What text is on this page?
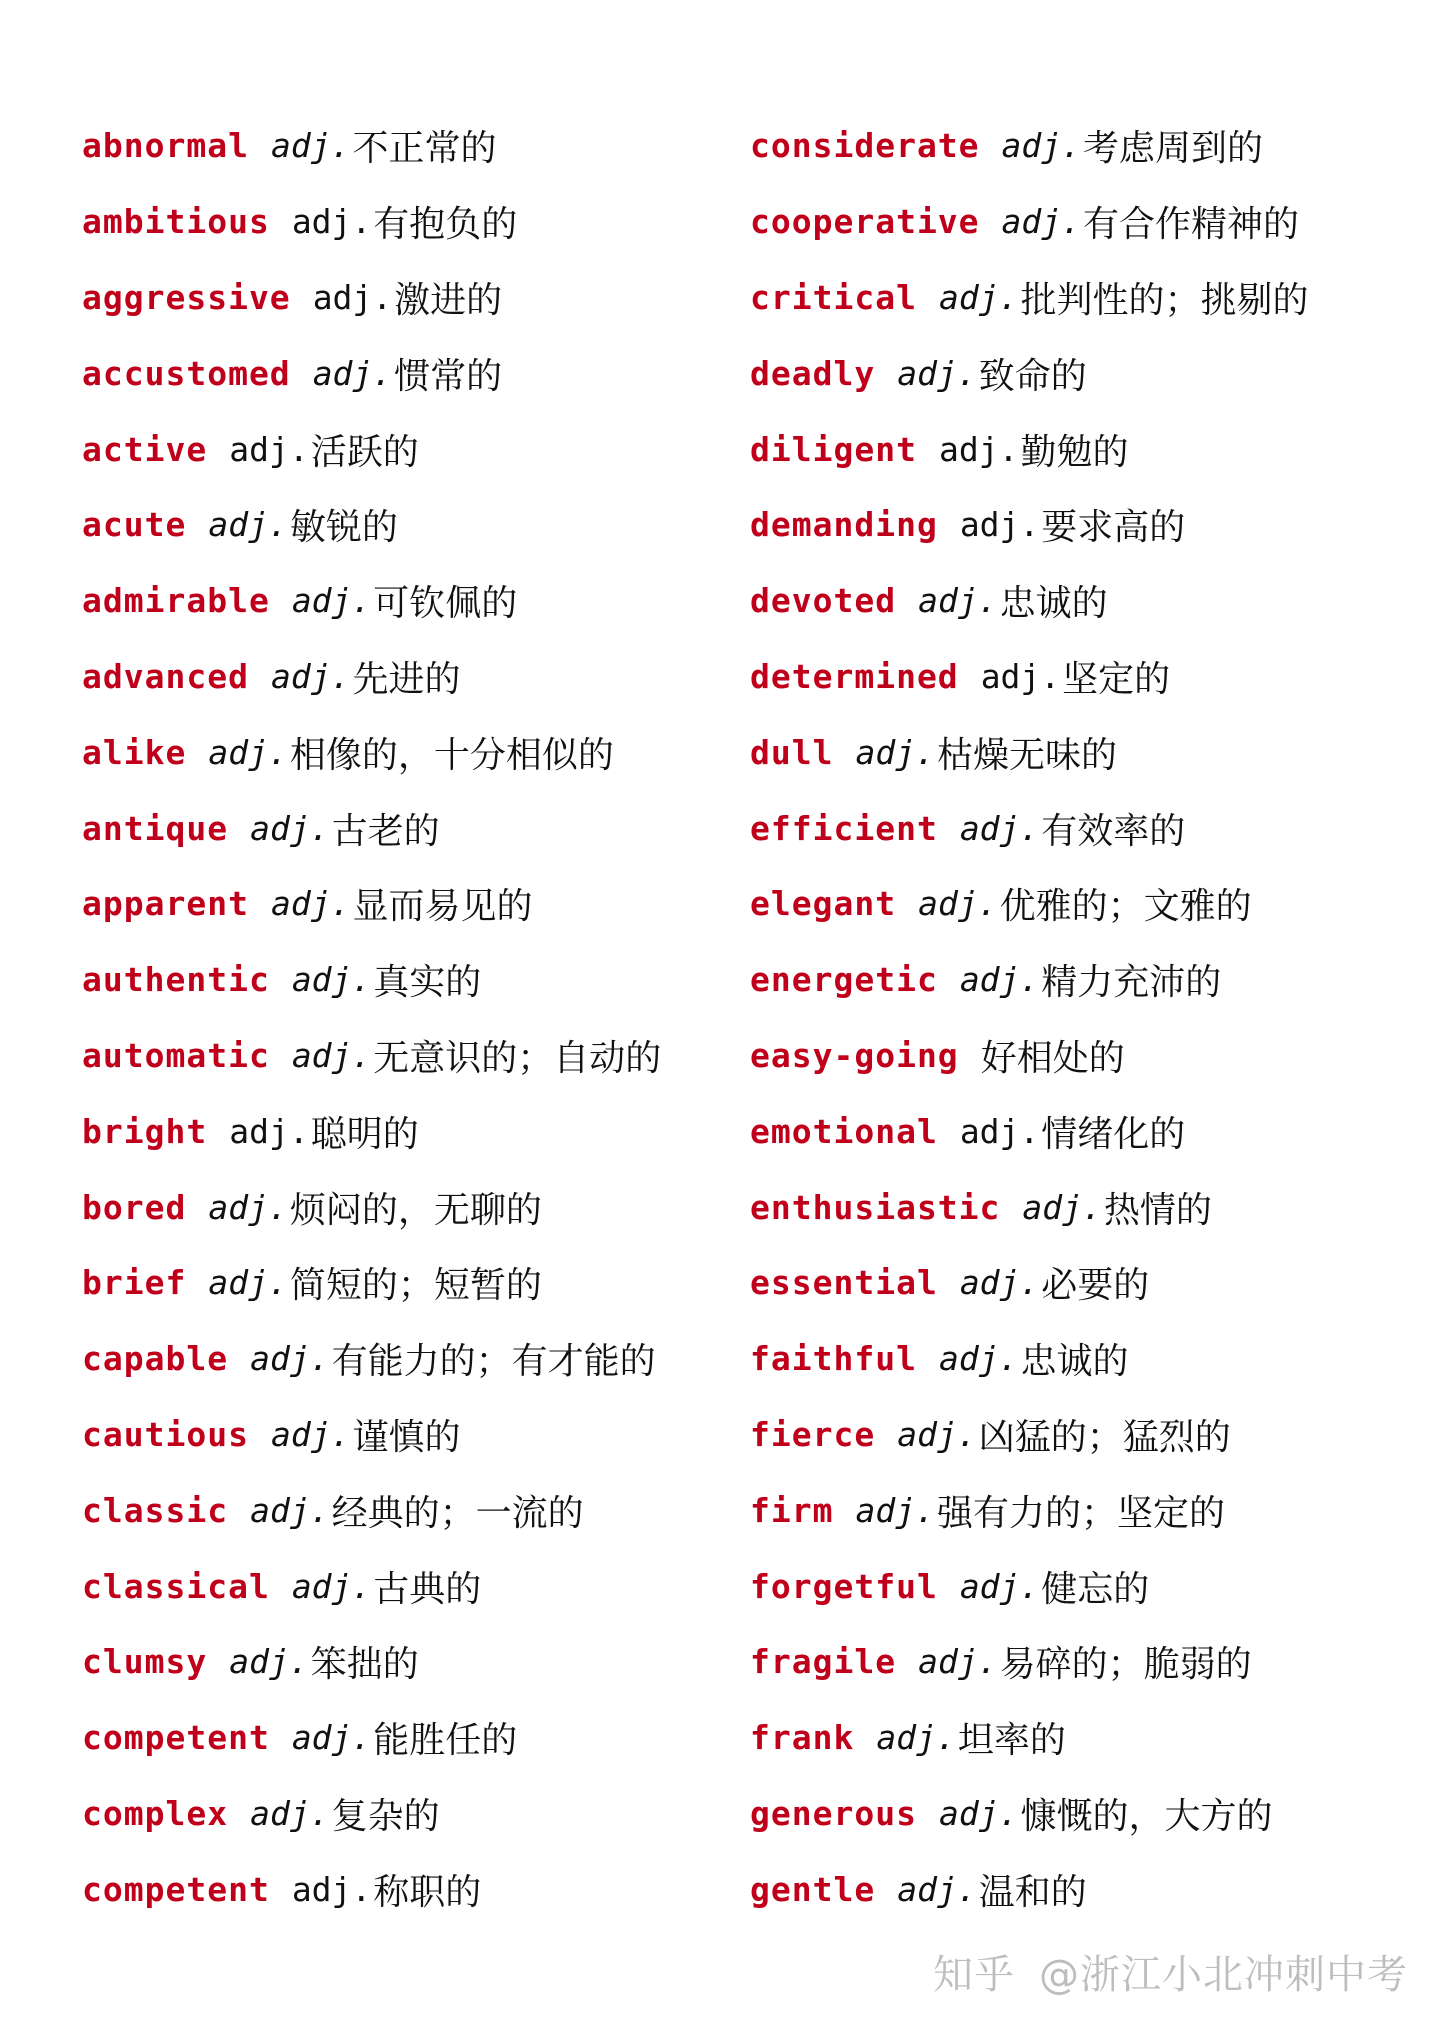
abnormal adj. 不正常的
ambitious adj. 有抱负的
aggressive adj. 激进的
accustomed adj. 惯常的
active adj. 活跃的
acute adj. 敏锐的
admirable adj. 可钦佩的
advanced adj. 先进的
alike adj. 相像的，十分相似的
antique adj. 古老的
apparent adj. 显而易见的
authentic adj. 真实的
automatic adj. 无意识的；自动的
bright adj. 聪明的
bored adj. 烦闷的，无聊的
brief adj. 简短的；短暂的
capable adj. 有能力的；有才能的
cautious adj. 谨慎的
classic adj. 经典的；一流的
classical adj. 古典的
clumsy adj. 笨拙的
competent adj. 能胜任的
complex adj. 复杂的
competent adj. 称职的
considerate adj. 考虑周到的
cooperative adj. 有合作精神的
critical adj. 批判性的；挑剔的
deadly adj. 致命的
diligent adj. 勤勉的
demanding adj. 要求高的
devoted adj. 忠诚的
determined adj. 坚定的
dull adj. 枯燥无味的
efficient adj. 有效率的
elegant adj. 优雅的；文雅的
energetic adj. 精力充沛的
easy-going 好相处的
emotional adj. 情绪化的
enthusiastic adj. 热情的
essential adj. 必要的
faithful adj. 忠诚的
fierce adj. 凶猛的；猛烈的
firm adj. 强有力的；坚定的
forgetful adj. 健忘的
fragile adj. 易碎的；脆弱的
frank adj. 坦率的
generous adj. 慷慨的，大方的
gentle adj. 温和的
知乎 @浙江小北冲刺中考
